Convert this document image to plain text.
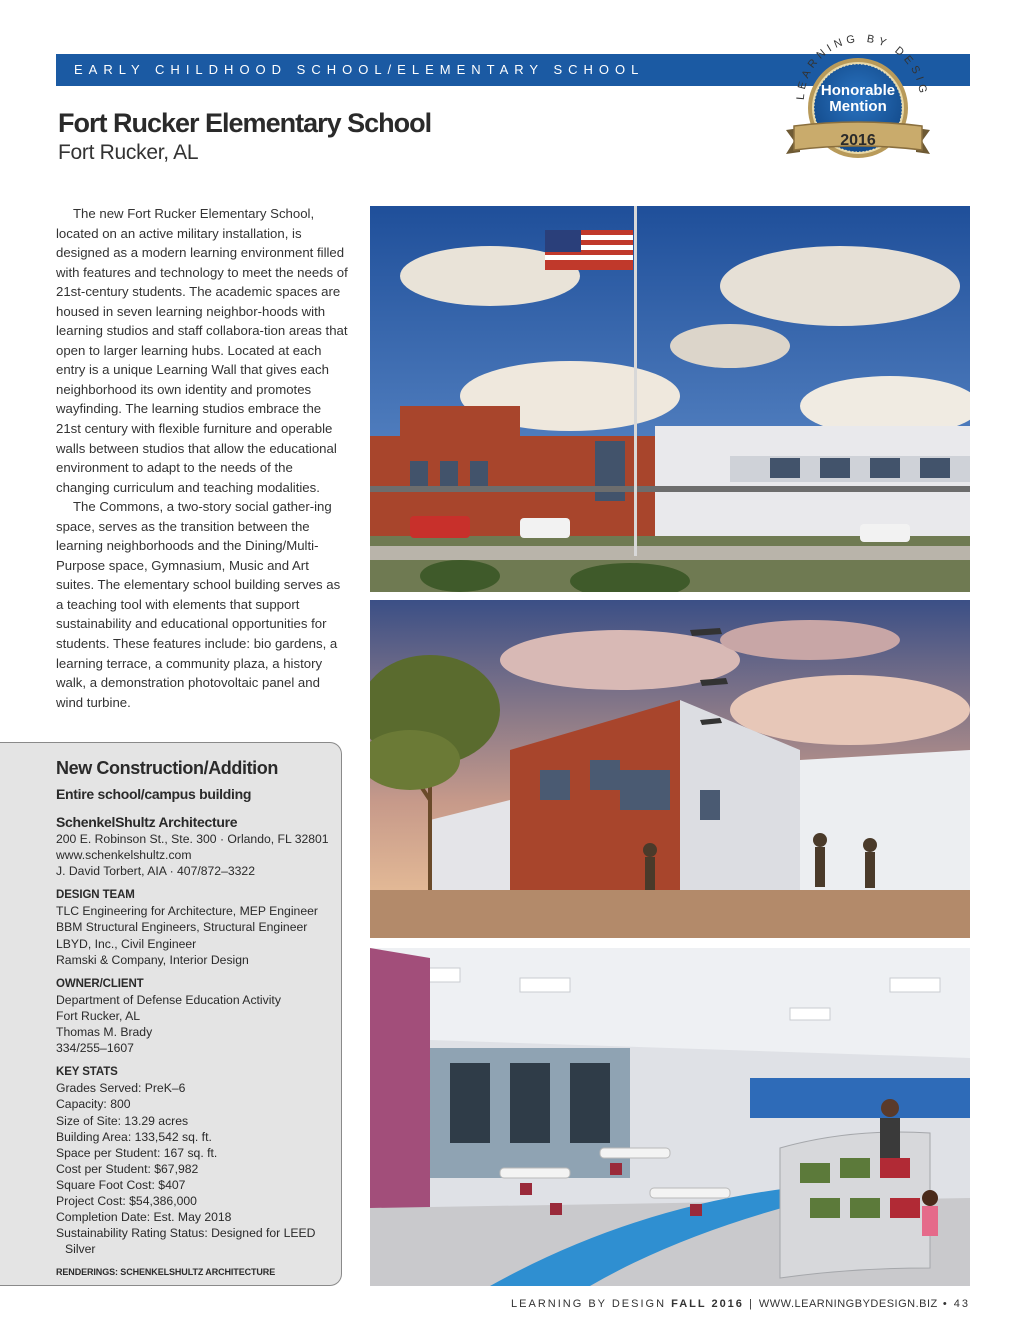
EARLY CHILDHOOD SCHOOL/ELEMENTARY SCHOOL
LEARNING BY DESIG
Honorable
Mention
2016
Fort Rucker Elementary School
Fort Rucker, AL

The new Fort Rucker Elementary School, located on an active military installation, is designed as a modern learning environment filled with features and technology to meet the needs of 21st-century students. The academic spaces are housed in seven learning neighbor-hoods with learning studios and staff collabora-tion areas that open to larger learning hubs. Located at each entry is a unique Learning Wall that gives each neighborhood its own identity and promotes wayfinding. The learning studios embrace the 21st century with flexible furniture and operable walls between studios that allow the educational environment to adapt to the needs of the changing curriculum and teaching modalities.

The Commons, a two-story social gather-ing space, serves as the transition between the learning neighborhoods and the Dining/Multi-Purpose space, Gymnasium, Music and Art suites. The elementary school building serves as a teaching tool with elements that support sustainability and educational opportunities for students. These features include: bio gardens, a learning terrace, a community plaza, a history walk, a demonstration photovoltaic panel and wind turbine.

New Construction/Addition
Entire school/campus building
SchenkelShultz Architecture
200 E. Robinson St., Ste. 300 · Orlando, FL 32801
www.schenkelshultz.com
J. David Torbert, AIA · 407/872–3322
DESIGN TEAM
TLC Engineering for Architecture, MEP Engineer
BBM Structural Engineers, Structural Engineer
LBYD, Inc., Civil Engineer
Ramski & Company, Interior Design
OWNER/CLIENT
Department of Defense Education Activity
Fort Rucker, AL
Thomas M. Brady
334/255–1607
KEY STATS
Grades Served: PreK–6
Capacity: 800
Size of Site: 13.29 acres
Building Area: 133,542 sq. ft.
Space per Student: 167 sq. ft.
Cost per Student: $67,982
Square Foot Cost: $407
Project Cost: $54,386,000
Completion Date: Est. May 2018
Sustainability Rating Status: Designed for LEED
Silver
RENDERINGS: SCHENKELSHULTZ ARCHITECTURE
LEARNING BY DESIGN FALL 2016 | WWW.LEARNINGBYDESIGN.BIZ • 43
